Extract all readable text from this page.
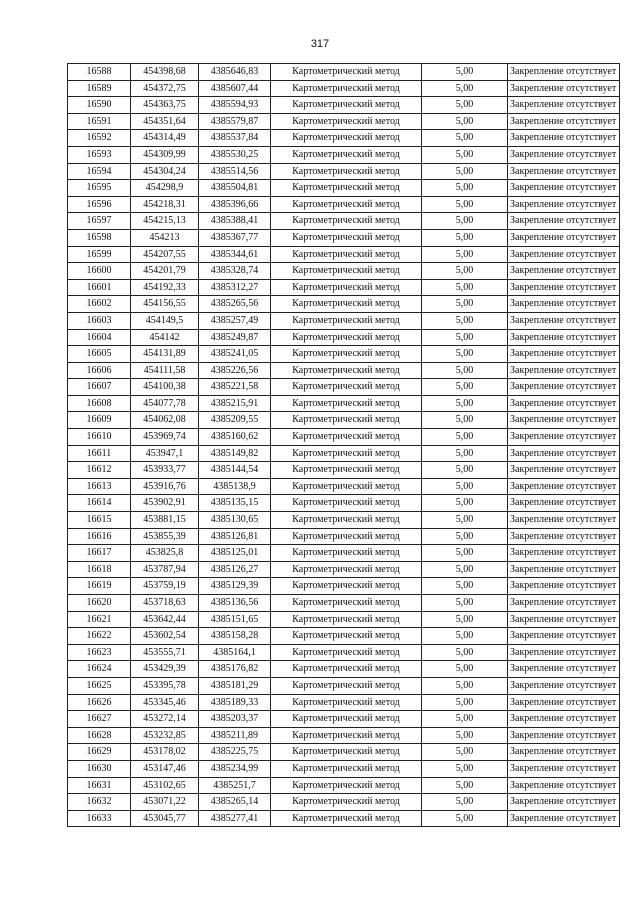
317
16588	454398,68	4385646,83	Картометрический метод	5,00	Закрепление отсутствует
16589	454372,75	4385607,44	Картометрический метод	5,00	Закрепление отсутствует
16590	454363,75	4385594,93	Картометрический метод	5,00	Закрепление отсутствует
16591	454351,64	4385579,87	Картометрический метод	5,00	Закрепление отсутствует
16592	454314,49	4385537,84	Картометрический метод	5,00	Закрепление отсутствует
16593	454309,99	4385530,25	Картометрический метод	5,00	Закрепление отсутствует
16594	454304,24	4385514,56	Картометрический метод	5,00	Закрепление отсутствует
16595	454298,9	4385504,81	Картометрический метод	5,00	Закрепление отсутствует
16596	454218,31	4385396,66	Картометрический метод	5,00	Закрепление отсутствует
16597	454215,13	4385388,41	Картометрический метод	5,00	Закрепление отсутствует
16598	454213	4385367,77	Картометрический метод	5,00	Закрепление отсутствует
16599	454207,55	4385344,61	Картометрический метод	5,00	Закрепление отсутствует
16600	454201,79	4385328,74	Картометрический метод	5,00	Закрепление отсутствует
16601	454192,33	4385312,27	Картометрический метод	5,00	Закрепление отсутствует
16602	454156,55	4385265,56	Картометрический метод	5,00	Закрепление отсутствует
16603	454149,5	4385257,49	Картометрический метод	5,00	Закрепление отсутствует
16604	454142	4385249,87	Картометрический метод	5,00	Закрепление отсутствует
16605	454131,89	4385241,05	Картометрический метод	5,00	Закрепление отсутствует
16606	454111,58	4385226,56	Картометрический метод	5,00	Закрепление отсутствует
16607	454100,38	4385221,58	Картометрический метод	5,00	Закрепление отсутствует
16608	454077,78	4385215,91	Картометрический метод	5,00	Закрепление отсутствует
16609	454062,08	4385209,55	Картометрический метод	5,00	Закрепление отсутствует
16610	453969,74	4385160,62	Картометрический метод	5,00	Закрепление отсутствует
16611	453947,1	4385149,82	Картометрический метод	5,00	Закрепление отсутствует
16612	453933,77	4385144,54	Картометрический метод	5,00	Закрепление отсутствует
16613	453916,76	4385138,9	Картометрический метод	5,00	Закрепление отсутствует
16614	453902,91	4385135,15	Картометрический метод	5,00	Закрепление отсутствует
16615	453881,15	4385130,65	Картометрический метод	5,00	Закрепление отсутствует
16616	453855,39	4385126,81	Картометрический метод	5,00	Закрепление отсутствует
16617	453825,8	4385125,01	Картометрический метод	5,00	Закрепление отсутствует
16618	453787,94	4385126,27	Картометрический метод	5,00	Закрепление отсутствует
16619	453759,19	4385129,39	Картометрический метод	5,00	Закрепление отсутствует
16620	453718,63	4385136,56	Картометрический метод	5,00	Закрепление отсутствует
16621	453642,44	4385151,65	Картометрический метод	5,00	Закрепление отсутствует
16622	453602,54	4385158,28	Картометрический метод	5,00	Закрепление отсутствует
16623	453555,71	4385164,1	Картометрический метод	5,00	Закрепление отсутствует
16624	453429,39	4385176,82	Картометрический метод	5,00	Закрепление отсутствует
16625	453395,78	4385181,29	Картометрический метод	5,00	Закрепление отсутствует
16626	453345,46	4385189,33	Картометрический метод	5,00	Закрепление отсутствует
16627	453272,14	4385203,37	Картометрический метод	5,00	Закрепление отсутствует
16628	453232,85	4385211,89	Картометрический метод	5,00	Закрепление отсутствует
16629	453178,02	4385225,75	Картометрический метод	5,00	Закрепление отсутствует
16630	453147,46	4385234,99	Картометрический метод	5,00	Закрепление отсутствует
16631	453102,65	4385251,7	Картометрический метод	5,00	Закрепление отсутствует
16632	453071,22	4385265,14	Картометрический метод	5,00	Закрепление отсутствует
16633	453045,77	4385277,41	Картометрический метод	5,00	Закрепление отсутствует
